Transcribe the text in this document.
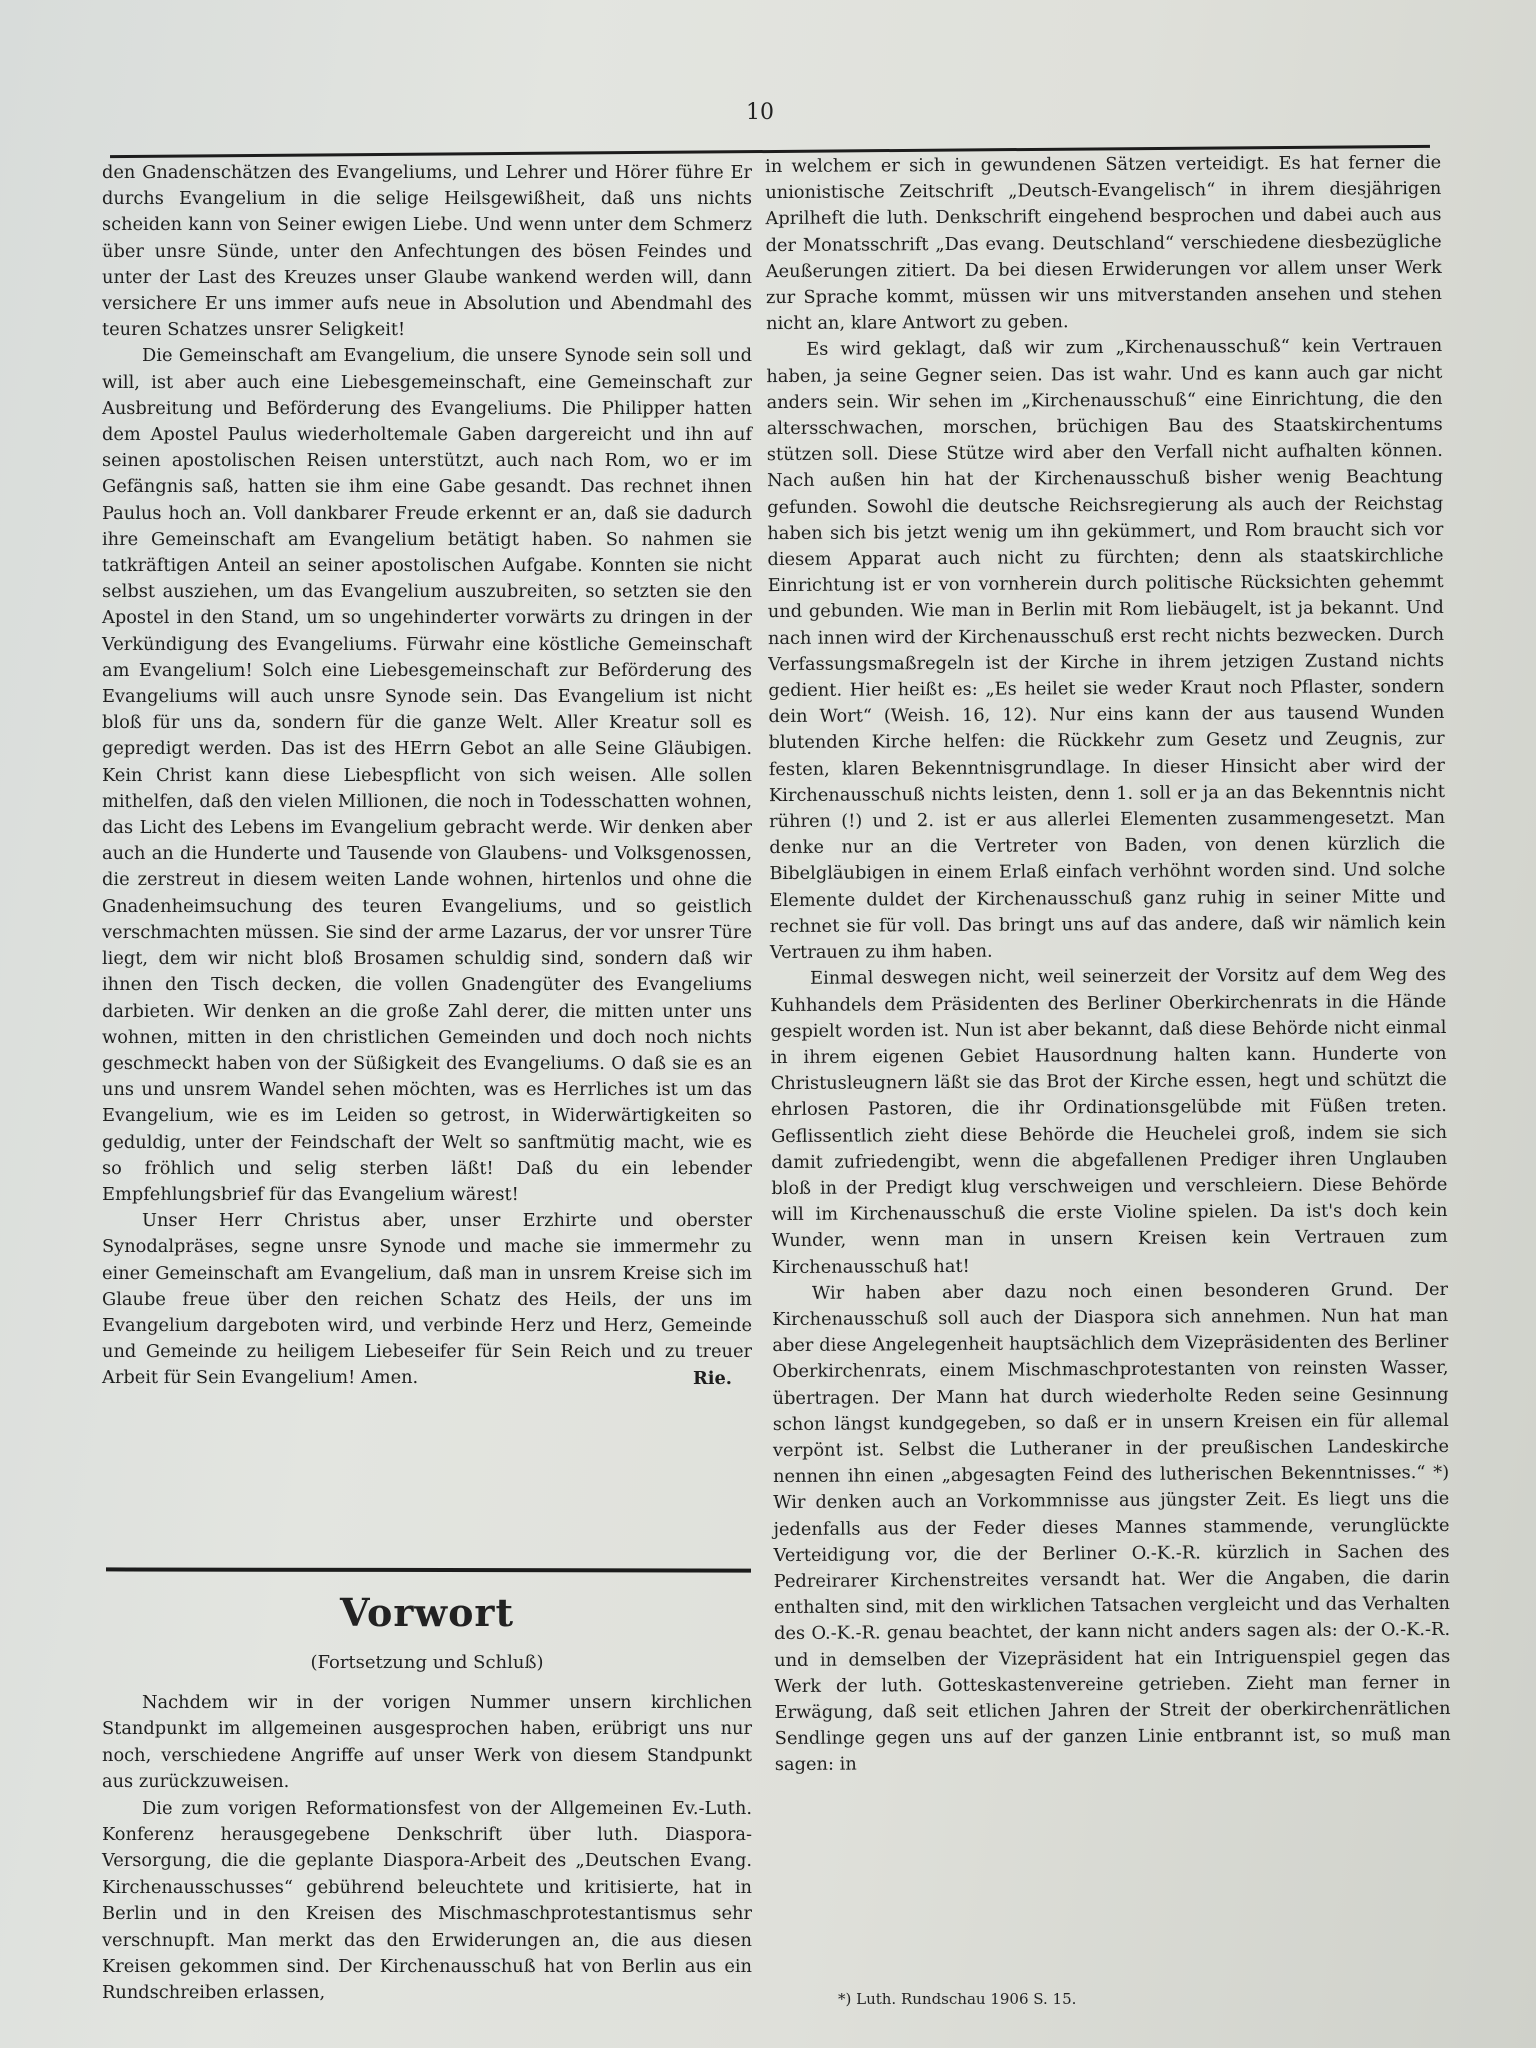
10

den Gnadenschätzen des Evangeliums, und Lehrer und Hörer führe Er durchs Evangelium in die selige Heilsgewißheit, daß uns nichts scheiden kann von Seiner ewigen Liebe. Und wenn unter dem Schmerz über unsre Sünde, unter den Anfechtungen des bösen Feindes und unter der Last des Kreuzes unser Glaube wankend werden will, dann versichere Er uns immer aufs neue in Absolution und Abendmahl des teuren Schatzes unsrer Seligkeit!

Die Gemeinschaft am Evangelium, die unsere Synode sein soll und will, ist aber auch eine Liebesgemeinschaft, eine Gemeinschaft zur Ausbreitung und Beförderung des Evangeliums. Die Philipper hatten dem Apostel Paulus wiederholtemale Gaben dargereicht und ihn auf seinen apostolischen Reisen unterstützt, auch nach Rom, wo er im Gefängnis saß, hatten sie ihm eine Gabe gesandt. Das rechnet ihnen Paulus hoch an. Voll dankbarer Freude erkennt er an, daß sie dadurch ihre Gemeinschaft am Evangelium betätigt haben. So nahmen sie tatkräftigen Anteil an seiner apostolischen Aufgabe. Konnten sie nicht selbst ausziehen, um das Evangelium auszubreiten, so setzten sie den Apostel in den Stand, um so ungehinderter vorwärts zu dringen in der Verkündigung des Evangeliums. Fürwahr eine köstliche Gemeinschaft am Evangelium! Solch eine Liebesgemeinschaft zur Beförderung des Evangeliums will auch unsre Synode sein. Das Evangelium ist nicht bloß für uns da, sondern für die ganze Welt. Aller Kreatur soll es gepredigt werden. Das ist des HErrn Gebot an alle Seine Gläubigen. Kein Christ kann diese Liebespflicht von sich weisen. Alle sollen mithelfen, daß den vielen Millionen, die noch in Todesschatten wohnen, das Licht des Lebens im Evangelium gebracht werde. Wir denken aber auch an die Hunderte und Tausende von Glaubens- und Volksgenossen, die zerstreut in diesem weiten Lande wohnen, hirtenlos und ohne die Gnadenheimsuchung des teuren Evangeliums, und so geistlich verschmachten müssen. Sie sind der arme Lazarus, der vor unsrer Türe liegt, dem wir nicht bloß Brosamen schuldig sind, sondern daß wir ihnen den Tisch decken, die vollen Gnadengüter des Evangeliums darbieten. Wir denken an die große Zahl derer, die mitten unter uns wohnen, mitten in den christlichen Gemeinden und doch noch nichts geschmeckt haben von der Süßigkeit des Evangeliums. O daß sie es an uns und unsrem Wandel sehen möchten, was es Herrliches ist um das Evangelium, wie es im Leiden so getrost, in Widerwärtigkeiten so geduldig, unter der Feindschaft der Welt so sanftmütig macht, wie es so fröhlich und selig sterben läßt! Daß du ein lebender Empfehlungsbrief für das Evangelium wärest!

Unser Herr Christus aber, unser Erzhirte und oberster Synodalpräses, segne unsre Synode und mache sie immermehr zu einer Gemeinschaft am Evangelium, daß man in unsrem Kreise sich im Glaube freue über den reichen Schatz des Heils, der uns im Evangelium dargeboten wird, und verbinde Herz und Herz, Gemeinde und Gemeinde zu heiligem Liebeseifer für Sein Reich und zu treuer Arbeit für Sein Evangelium! Amen.	Rie.

Vorwort
(Fortsetzung und Schluß)

Nachdem wir in der vorigen Nummer unsern kirchlichen Standpunkt im allgemeinen ausgesprochen haben, erübrigt uns nur noch, verschiedene Angriffe auf unser Werk von diesem Standpunkt aus zurückzuweisen.

Die zum vorigen Reformationsfest von der Allgemeinen Ev.-Luth. Konferenz herausgegebene Denkschrift über luth. Diaspora-Versorgung, die die geplante Diaspora-Arbeit des „Deutschen Evang. Kirchenausschusses“ gebührend beleuchtete und kritisierte, hat in Berlin und in den Kreisen des Mischmaschprotestantismus sehr verschnupft. Man merkt das den Erwiderungen an, die aus diesen Kreisen gekommen sind. Der Kirchenausschuß hat von Berlin aus ein Rundschreiben erlassen,

in welchem er sich in gewundenen Sätzen verteidigt. Es hat ferner die unionistische Zeitschrift „Deutsch-Evangelisch“ in ihrem diesjährigen Aprilheft die luth. Denkschrift eingehend besprochen und dabei auch aus der Monatsschrift „Das evang. Deutschland“ verschiedene diesbezügliche Aeußerungen zitiert. Da bei diesen Erwiderungen vor allem unser Werk zur Sprache kommt, müssen wir uns mitverstanden ansehen und stehen nicht an, klare Antwort zu geben.

Es wird geklagt, daß wir zum „Kirchenausschuß“ kein Vertrauen haben, ja seine Gegner seien. Das ist wahr. Und es kann auch gar nicht anders sein. Wir sehen im „Kirchenausschuß“ eine Einrichtung, die den altersschwachen, morschen, brüchigen Bau des Staatskirchentums stützen soll. Diese Stütze wird aber den Verfall nicht aufhalten können. Nach außen hin hat der Kirchenausschuß bisher wenig Beachtung gefunden. Sowohl die deutsche Reichsregierung als auch der Reichstag haben sich bis jetzt wenig um ihn gekümmert, und Rom braucht sich vor diesem Apparat auch nicht zu fürchten; denn als staatskirchliche Einrichtung ist er von vornherein durch politische Rücksichten gehemmt und gebunden. Wie man in Berlin mit Rom liebäugelt, ist ja bekannt. Und nach innen wird der Kirchenausschuß erst recht nichts bezwecken. Durch Verfassungsmaßregeln ist der Kirche in ihrem jetzigen Zustand nichts gedient. Hier heißt es: „Es heilet sie weder Kraut noch Pflaster, sondern dein Wort“ (Weish. 16, 12). Nur eins kann der aus tausend Wunden blutenden Kirche helfen: die Rückkehr zum Gesetz und Zeugnis, zur festen, klaren Bekenntnisgrundlage. In dieser Hinsicht aber wird der Kirchenausschuß nichts leisten, denn 1. soll er ja an das Bekenntnis nicht rühren (!) und 2. ist er aus allerlei Elementen zusammengesetzt. Man denke nur an die Vertreter von Baden, von denen kürzlich die Bibelgläubigen in einem Erlaß einfach verhöhnt worden sind. Und solche Elemente duldet der Kirchenausschuß ganz ruhig in seiner Mitte und rechnet sie für voll. Das bringt uns auf das andere, daß wir nämlich kein Vertrauen zu ihm haben.

Einmal deswegen nicht, weil seinerzeit der Vorsitz auf dem Weg des Kuhhandels dem Präsidenten des Berliner Oberkirchenrats in die Hände gespielt worden ist. Nun ist aber bekannt, daß diese Behörde nicht einmal in ihrem eigenen Gebiet Hausordnung halten kann. Hunderte von Christusleugnern läßt sie das Brot der Kirche essen, hegt und schützt die ehrlosen Pastoren, die ihr Ordinationsgelübde mit Füßen treten. Geflissentlich zieht diese Behörde die Heuchelei groß, indem sie sich damit zufriedengibt, wenn die abgefallenen Prediger ihren Unglauben bloß in der Predigt klug verschweigen und verschleiern. Diese Behörde will im Kirchenausschuß die erste Violine spielen. Da ist's doch kein Wunder, wenn man in unsern Kreisen kein Vertrauen zum Kirchenausschuß hat!

Wir haben aber dazu noch einen besonderen Grund. Der Kirchenausschuß soll auch der Diaspora sich annehmen. Nun hat man aber diese Angelegenheit hauptsächlich dem Vizepräsidenten des Berliner Oberkirchenrats, einem Mischmaschprotestanten von reinsten Wasser, übertragen. Der Mann hat durch wiederholte Reden seine Gesinnung schon längst kundgegeben, so daß er in unsern Kreisen ein für allemal verpönt ist. Selbst die Lutheraner in der preußischen Landeskirche nennen ihn einen „abgesagten Feind des lutherischen Bekenntnisses.“ *) Wir denken auch an Vorkommnisse aus jüngster Zeit. Es liegt uns die jedenfalls aus der Feder dieses Mannes stammende, verunglückte Verteidigung vor, die der Berliner O.-K.-R. kürzlich in Sachen des Pedreirarer Kirchenstreites versandt hat. Wer die Angaben, die darin enthalten sind, mit den wirklichen Tatsachen vergleicht und das Verhalten des O.-K.-R. genau beachtet, der kann nicht anders sagen als: der O.-K.-R. und in demselben der Vizepräsident hat ein Intriguenspiel gegen das Werk der luth. Gotteskastenvereine getrieben. Zieht man ferner in Erwägung, daß seit etlichen Jahren der Streit der oberkirchenrätlichen Sendlinge gegen uns auf der ganzen Linie entbrannt ist, so muß man sagen: in

*) Luth. Rundschau 1906 S. 15.
